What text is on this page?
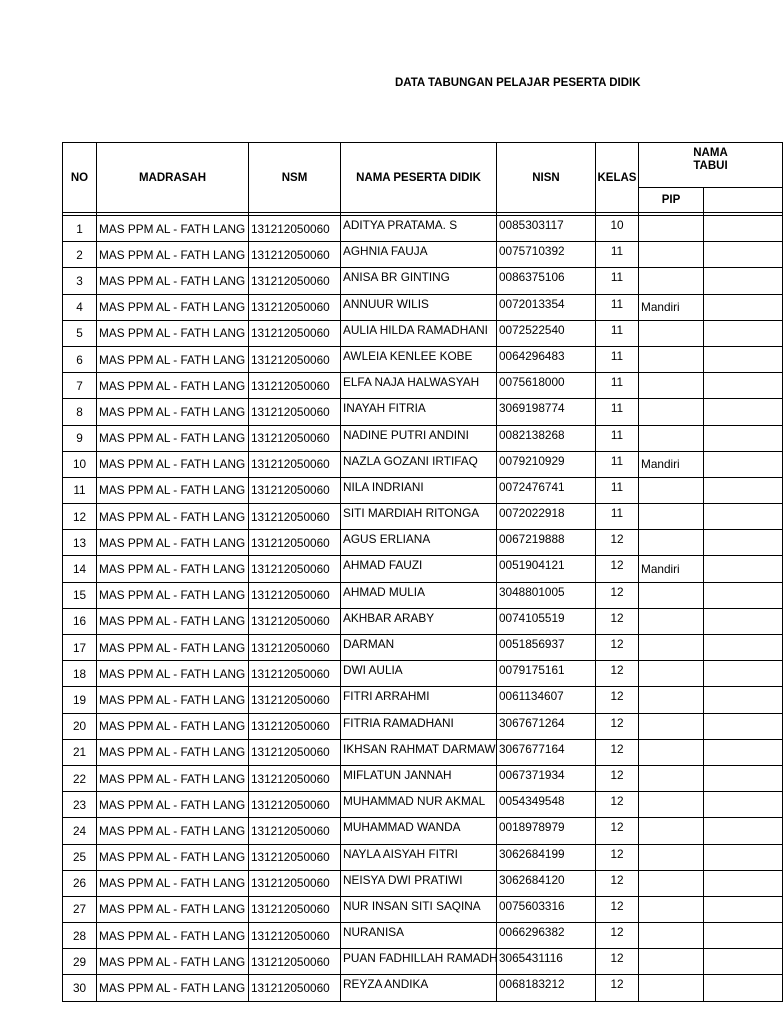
DATA TABUNGAN PELAJAR PESERTA DIDIK
NO	MADRASAH	NSM	NAMA PESERTA DIDIK	NISN	KELAS	NAMA
TABUI	
						PIP	

1	MAS PPM AL - FATH LANG	131212050060	ADITYA PRATAMA. S	0085303117	10		
2	MAS PPM AL - FATH LANG	131212050060	AGHNIA FAUJA	0075710392	11		
3	MAS PPM AL - FATH LANG	131212050060	ANISA BR GINTING	0086375106	11		
4	MAS PPM AL - FATH LANG	131212050060	ANNUUR WILIS	0072013354	11	Mandiri	
5	MAS PPM AL - FATH LANG	131212050060	AULIA HILDA RAMADHANI	0072522540	11		
6	MAS PPM AL - FATH LANG	131212050060	AWLEIA KENLEE KOBE	0064296483	11		
7	MAS PPM AL - FATH LANG	131212050060	ELFA NAJA HALWASYAH	0075618000	11		
8	MAS PPM AL - FATH LANG	131212050060	INAYAH FITRIA	3069198774	11		
9	MAS PPM AL - FATH LANG	131212050060	NADINE PUTRI ANDINI	0082138268	11		
10	MAS PPM AL - FATH LANG	131212050060	NAZLA GOZANI IRTIFAQ	0079210929	11	Mandiri	
11	MAS PPM AL - FATH LANG	131212050060	NILA INDRIANI	0072476741	11		
12	MAS PPM AL - FATH LANG	131212050060	SITI MARDIAH RITONGA	0072022918	11		
13	MAS PPM AL - FATH LANG	131212050060	AGUS ERLIANA	0067219888	12		
14	MAS PPM AL - FATH LANG	131212050060	AHMAD FAUZI	0051904121	12	Mandiri	
15	MAS PPM AL - FATH LANG	131212050060	AHMAD MULIA	3048801005	12		
16	MAS PPM AL - FATH LANG	131212050060	AKHBAR ARABY	0074105519	12		
17	MAS PPM AL - FATH LANG	131212050060	DARMAN	0051856937	12		
18	MAS PPM AL - FATH LANG	131212050060	DWI AULIA	0079175161	12		
19	MAS PPM AL - FATH LANG	131212050060	FITRI ARRAHMI	0061134607	12		
20	MAS PPM AL - FATH LANG	131212050060	FITRIA RAMADHANI	3067671264	12		
21	MAS PPM AL - FATH LANG	131212050060	IKHSAN RAHMAT DARMAW	3067677164	12		
22	MAS PPM AL - FATH LANG	131212050060	MIFLATUN JANNAH	0067371934	12		
23	MAS PPM AL - FATH LANG	131212050060	MUHAMMAD NUR AKMAL	0054349548	12		
24	MAS PPM AL - FATH LANG	131212050060	MUHAMMAD WANDA	0018978979	12		
25	MAS PPM AL - FATH LANG	131212050060	NAYLA AISYAH FITRI	3062684199	12		
26	MAS PPM AL - FATH LANG	131212050060	NEISYA DWI PRATIWI	3062684120	12		
27	MAS PPM AL - FATH LANG	131212050060	NUR INSAN SITI SAQINA	0075603316	12		
28	MAS PPM AL - FATH LANG	131212050060	NURANISA	0066296382	12		
29	MAS PPM AL - FATH LANG	131212050060	PUAN FADHILLAH RAMADH	3065431116	12		
30	MAS PPM AL - FATH LANG	131212050060	REYZA ANDIKA	0068183212	12		
